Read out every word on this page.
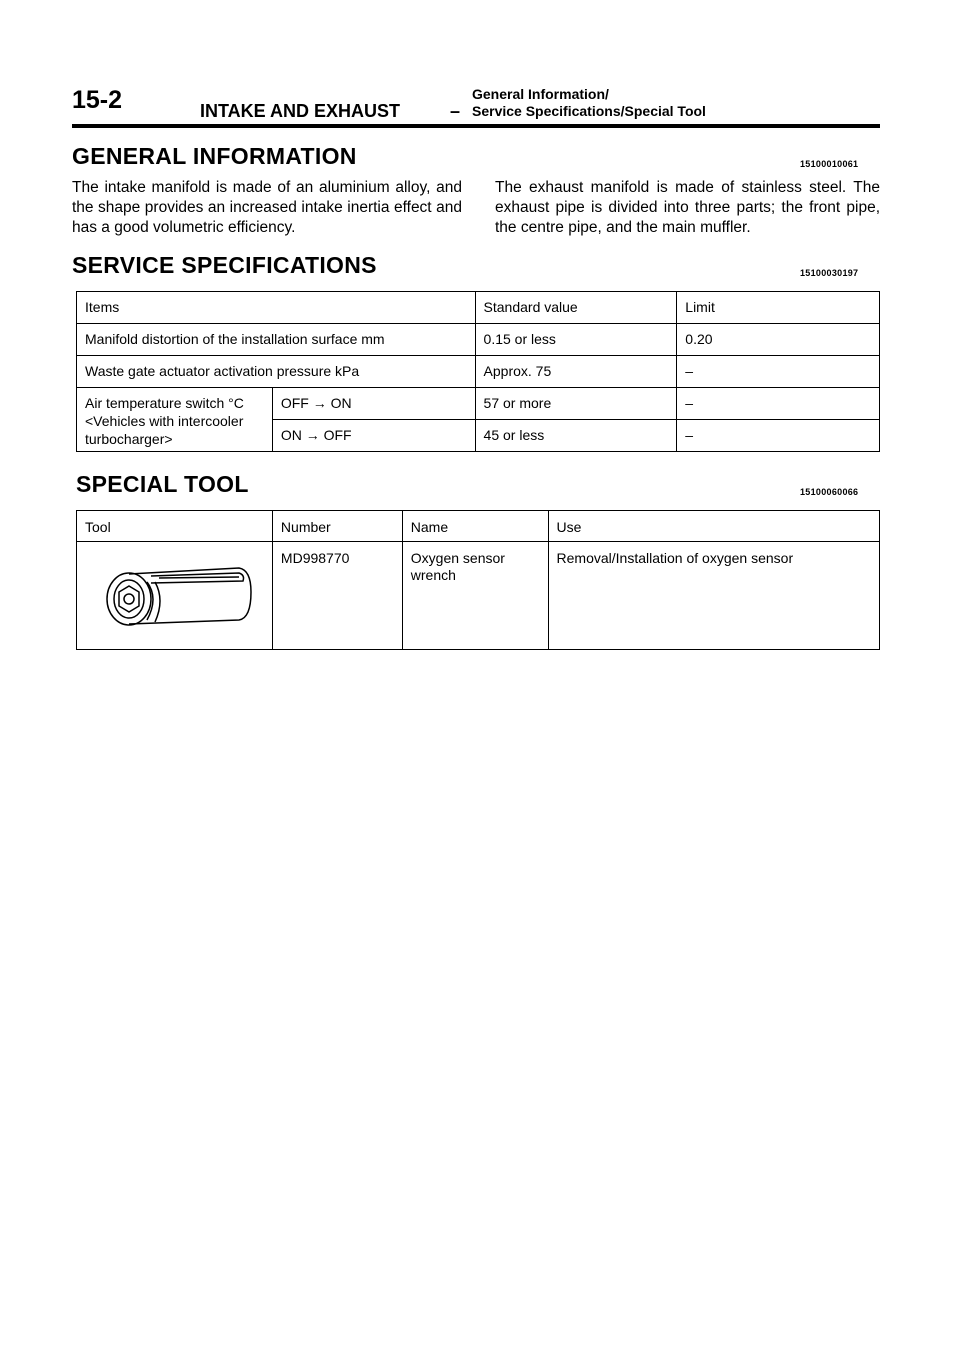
15-2	INTAKE AND EXHAUST	–
General Information/
Service Specifications/Special Tool
GENERAL INFORMATION	15100010061
The intake manifold is made of an aluminium alloy, and the shape provides an increased intake inertia effect and has a good volumetric efficiency.
The exhaust manifold is made of stainless steel. The exhaust pipe is divided into three parts; the front pipe, the centre pipe, and the main muffler.
SERVICE SPECIFICATIONS	15100030197
Items		Standard value	Limit
Manifold distortion of the installation surface mm		0.15 or less	0.20
Waste gate actuator activation pressure kPa		Approx. 75	–

Air temperature switch °C
<Vehicles with intercooler
turbocharger>	OFF → ON	57 or more	–
	ON → OFF	45 or less	–
SPECIAL TOOL	15100060066
Tool	Number	Name	Use
	MD998770	Oxygen sensor wrench	Removal/Installation of oxygen sensor
